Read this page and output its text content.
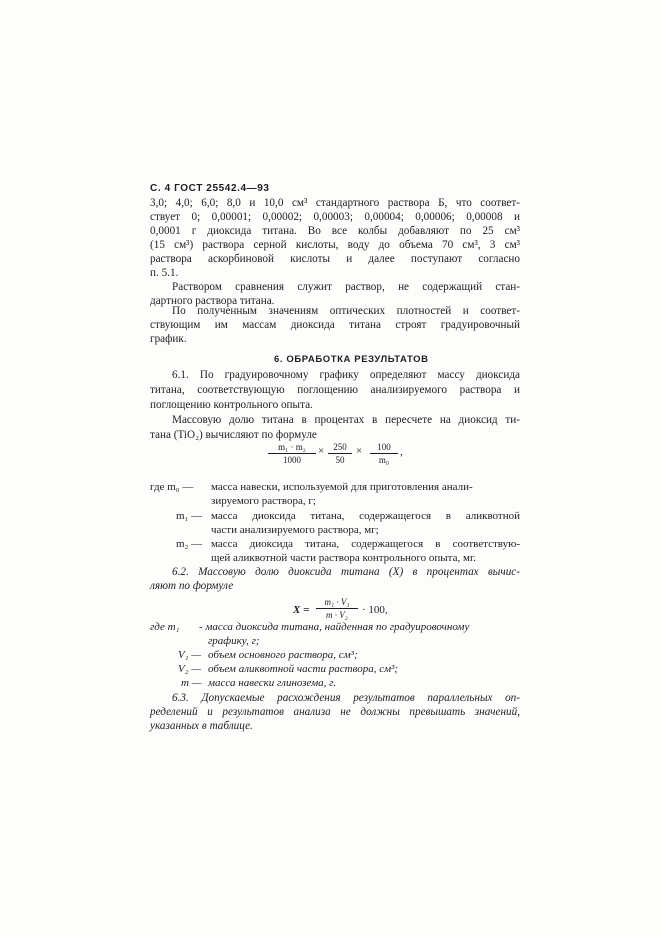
С. 4 ГОСТ 25542.4—93
3,0; 4,0; 6,0; 8,0 и 10,0 см³ стандартного раствора Б, что соответ-
ствует 0; 0,00001; 0,00002; 0,00003; 0,00004; 0,00006; 0,00008 и
0,0001 г диоксида титана. Во все колбы добавляют по 25 см³
(15 см³) раствора серной кислоты, воду до объема 70 см³, 3 см³
раствора аскорбиновой кислоты и далее поступают согласно
п. 5.1.
Раствором сравнения служит раствор, не содержащий стан-
дартного раствора титана.
По полученным значениям оптических плотностей и соответ-
ствующим им массам диоксида титана строят градуировочный
6. ОБРАБОТКА РЕЗУЛЬТАТОВ
6.1. По градуировочному графику определяют массу диоксида
титана, соответствующую поглощению анализируемого раствора и
поглощению контрольного опыта.
Массовую долю титана в процентах в пересчете на диоксид ти-
тана (TiO₂) вычисляют по формуле
$\frac{\text{m₁ · m₂}}{1000} \times \frac{250}{50} \times \frac{100}{\text{m₀}}$ ,
где m₀ — масса навески, используемой для приготовления анали-
зируемого раствора, г;
m₁ — масса диоксида титана, содержащегося в аликвотной
части анализируемого раствора, мг;
m₂ — масса диоксида титана, содержащегося в соответствую-
щей аликвотной части раствора контрольного опыта, мг.
6.2. Массовую долю диоксида титана (X) в процентах вычис-
ляют по формуле
$X = \frac{\text{m₁ · V₁}}{\text{m · V₂}} \cdot 100$,
где m₁ - масса диоксида титана, найденная по градуировочному
графику, г;
V₁ — объем основного раствора, см³;
V₂ — объем аликвотной части раствора, см³;
m — масса навески глинозема, г.
6.3. Допускаемые расхождения результатов параллельных оп-
ределений и результатов анализа не должны превышать значений,
указанных в таблице.
график.
